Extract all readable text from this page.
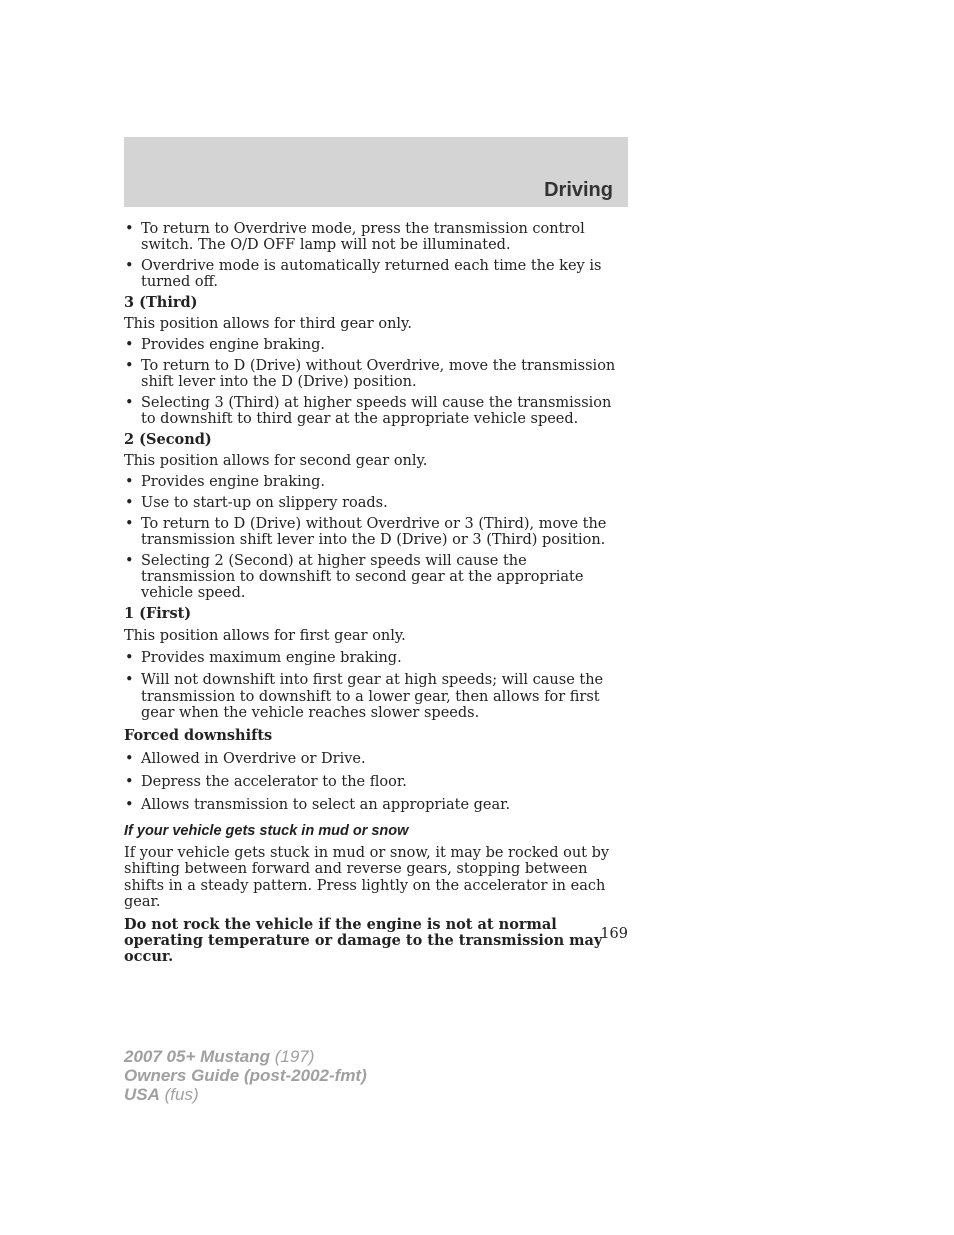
Driving

• To return to Overdrive mode, press the transmission control switch. The O/D OFF lamp will not be illuminated.

• Overdrive mode is automatically returned each time the key is turned off.

3 (Third)

This position allows for third gear only.

• Provides engine braking.

• To return to D (Drive) without Overdrive, move the transmission shift lever into the D (Drive) position.

• Selecting 3 (Third) at higher speeds will cause the transmission to downshift to third gear at the appropriate vehicle speed.

2 (Second)

This position allows for second gear only.

• Provides engine braking.

• Use to start-up on slippery roads.

• To return to D (Drive) without Overdrive or 3 (Third), move the transmission shift lever into the D (Drive) or 3 (Third) position.

• Selecting 2 (Second) at higher speeds will cause the transmission to downshift to second gear at the appropriate vehicle speed.

1 (First)

This position allows for first gear only.

• Provides maximum engine braking.

• Will not downshift into first gear at high speeds; will cause the transmission to downshift to a lower gear, then allows for first gear when the vehicle reaches slower speeds.

Forced downshifts

• Allowed in Overdrive or Drive.

• Depress the accelerator to the floor.

• Allows transmission to select an appropriate gear.

If your vehicle gets stuck in mud or snow

If your vehicle gets stuck in mud or snow, it may be rocked out by shifting between forward and reverse gears, stopping between shifts in a steady pattern. Press lightly on the accelerator in each gear.

Do not rock the vehicle if the engine is not at normal operating temperature or damage to the transmission may occur.

169
2007 05+ Mustang (197)
Owners Guide (post-2002-fmt)
USA (fus)
